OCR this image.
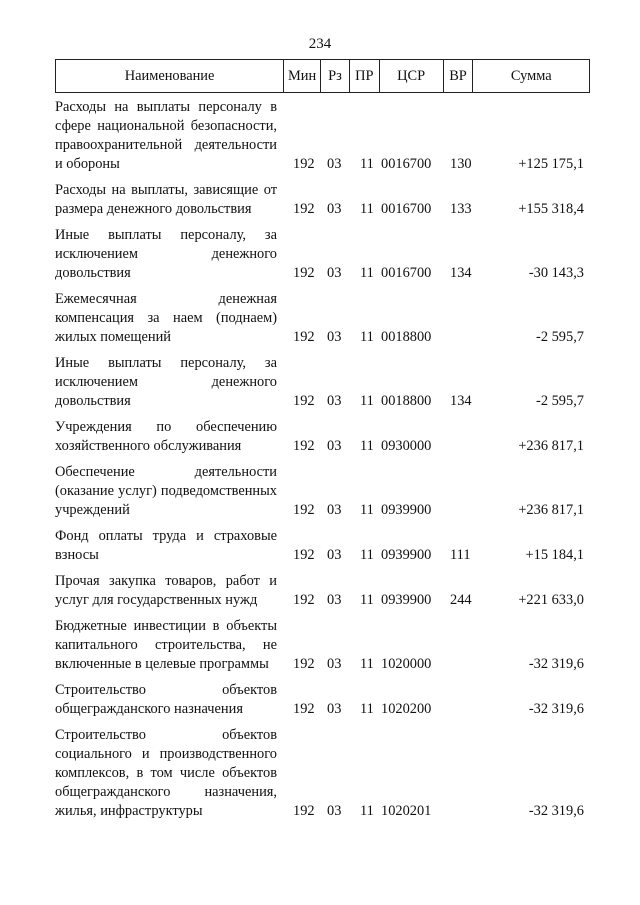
234
Наименование	Мин Рз ПР	ЦСР	ВР	Сумма
Расходы на выплаты персоналу в сфере национальной безопасности, правоохранительной деятельности и обороны	192 03 11 0016700 130	+125 175,1
Расходы на выплаты, зависящие от размера денежного довольствия	192 03 11 0016700 133	+155 318,4
Иные выплаты персоналу, за исключением денежного довольствия	192 03 11 0016700 134	-30 143,3
Ежемесячная денежная компенсация за наем (поднаем) жилых помещений	192 03 11 0018800	-2 595,7
Иные выплаты персоналу, за исключением денежного довольствия	192 03 11 0018800 134	-2 595,7
Учреждения по обеспечению хозяйственного обслуживания	192 03 11 0930000	+236 817,1
Обеспечение деятельности (оказание услуг) подведомственных учреждений	192 03 11 0939900	+236 817,1
Фонд оплаты труда и страховые взносы	192 03 11 0939900 111	+15 184,1
Прочая закупка товаров, работ и услуг для государственных нужд	192 03 11 0939900 244	+221 633,0
Бюджетные инвестиции в объекты капитального строительства, не включенные в целевые программы	192 03 11 1020000	-32 319,6
Строительство объектов общегражданского назначения	192 03 11 1020200	-32 319,6
Строительство объектов социального и производственного комплексов, в том числе объектов общегражданского назначения, жилья, инфраструктуры	192 03 11 1020201	-32 319,6
